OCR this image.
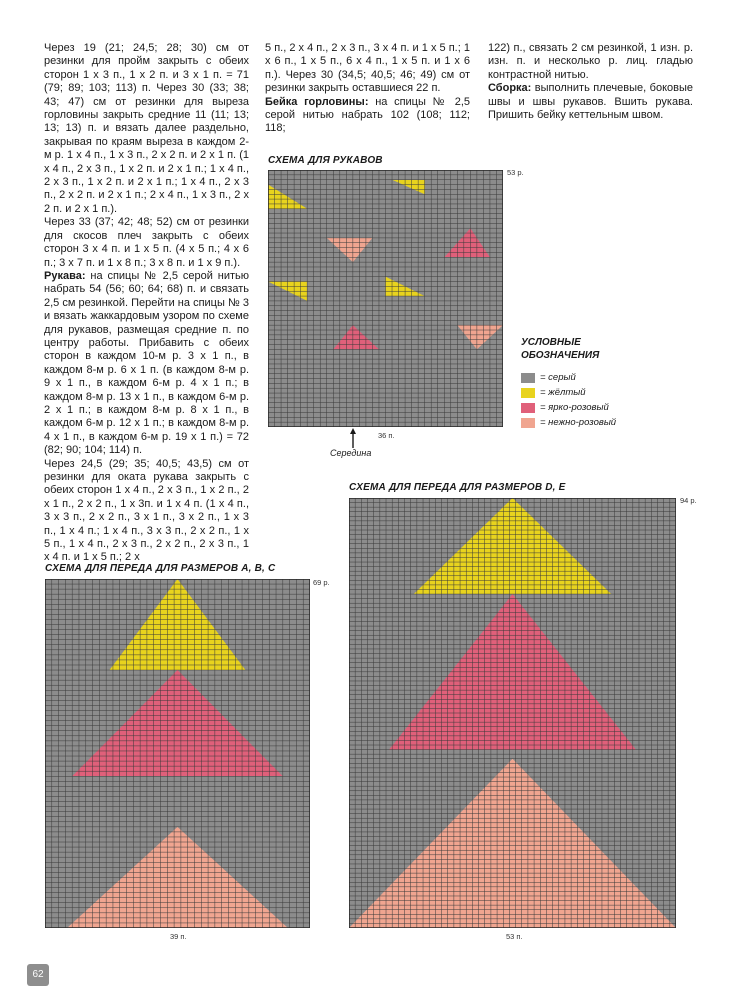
Через 19 (21; 24,5; 28; 30) см от резинки для пройм закрыть с обеих сторон 1 х 3 п., 1 х 2 п. и 3 х 1 п. = 71 (79; 89; 103; 113) п. Через 30 (33; 38; 43; 47) см от резинки для выреза горловины закрыть средние 11 (11; 13; 13; 13) п. и вязать далее раздельно, закрывая по краям выреза в каждом 2-м р. 1 х 4 п., 1 х 3 п., 2 х 2 п. и 2 х 1 п. (1 х 4 п., 2 х 3 п., 1 х 2 п. и 2 х 1 п.; 1 х 4 п., 2 х 3 п., 1 х 2 п. и 2 х 1 п.; 1 х 4 п., 2 х 3 п., 2 х 2 п. и 2 х 1 п.; 2 х 4 п., 1 х 3 п., 2 х 2 п. и 2 х 1 п.).

Через 33 (37; 42; 48; 52) см от резинки для скосов плеч закрыть с обеих сторон 3 х 4 п. и 1 х 5 п. (4 х 5 п.; 4 х 6 п.; 3 х 7 п. и 1 х 8 п.; 3 х 8 п. и 1 х 9 п.).

Рукава: на спицы № 2,5 серой нитью набрать 54 (56; 60; 64; 68) п. и связать 2,5 см резинкой. Перейти на спицы № 3 и вязать жаккардовым узором по схеме для рукавов, размещая средние п. по центру работы. Прибавить с обеих сторон в каждом 10-м р. 3 х 1 п., в каждом 8-м р. 6 х 1 п. (в каждом 8-м р. 9 х 1 п., в каждом 6-м р. 4 х 1 п.; в каждом 8-м р. 13 х 1 п., в каждом 6-м р. 2 х 1 п.; в каждом 8-м р. 8 х 1 п., в каждом 6-м р. 12 х 1 п.; в каждом 8-м р. 4 х 1 п., в каждом 6-м р. 19 х 1 п.) = 72 (82; 90; 104; 114) п.

Через 24,5 (29; 35; 40,5; 43,5) см от резинки для оката рукава закрыть с обеих сторон 1 х 4 п., 2 х 3 п., 1 х 2 п., 2 х 1 п., 2 х 2 п., 1 х 3п. и 1 х 4 п. (1 х 4 п., 3 х 3 п., 2 х 2 п., 3 х 1 п., 3 х 2 п., 1 х 3 п., 1 х 4 п.; 1 х 4 п., 3 х 3 п., 2 х 2 п., 1 х 5 п., 1 х 4 п., 2 х 3 п., 2 х 2 п., 2 х 3 п., 1 х 4 п. и 1 х 5 п.; 2 х

5 п., 2 х 4 п., 2 х 3 п., 3 х 4 п. и 1 х 5 п.; 1 х 6 п., 1 х 5 п., 6 х 4 п., 1 х 5 п. и 1 х 6 п.). Через 30 (34,5; 40,5; 46; 49) см от резинки закрыть оставшиеся 22 п.

Бейка горловины: на спицы № 2,5 серой нитью набрать 102 (108; 112; 118;

122) п., связать 2 см резинкой, 1 изн. р. изн. п. и несколько р. лиц. гладью контрастной нитью.

Сборка: выполнить плечевые, боковые швы и швы рукавов. Вшить рукава. Пришить бейку кеттельным швом.

СХЕМА ДЛЯ РУКАВОВ
53 р.
36 п.
Середина
УСЛОВНЫЕ
ОБОЗНАЧЕНИЯ
= серый
= жёлтый
= ярко-розовый
= нежно-розовый
СХЕМА ДЛЯ ПЕРЕДА ДЛЯ РАЗМЕРОВ D, E
94 р.
53 п.
СХЕМА ДЛЯ ПЕРЕДА ДЛЯ РАЗМЕРОВ A, B, C
69 р.
39 п.
62
